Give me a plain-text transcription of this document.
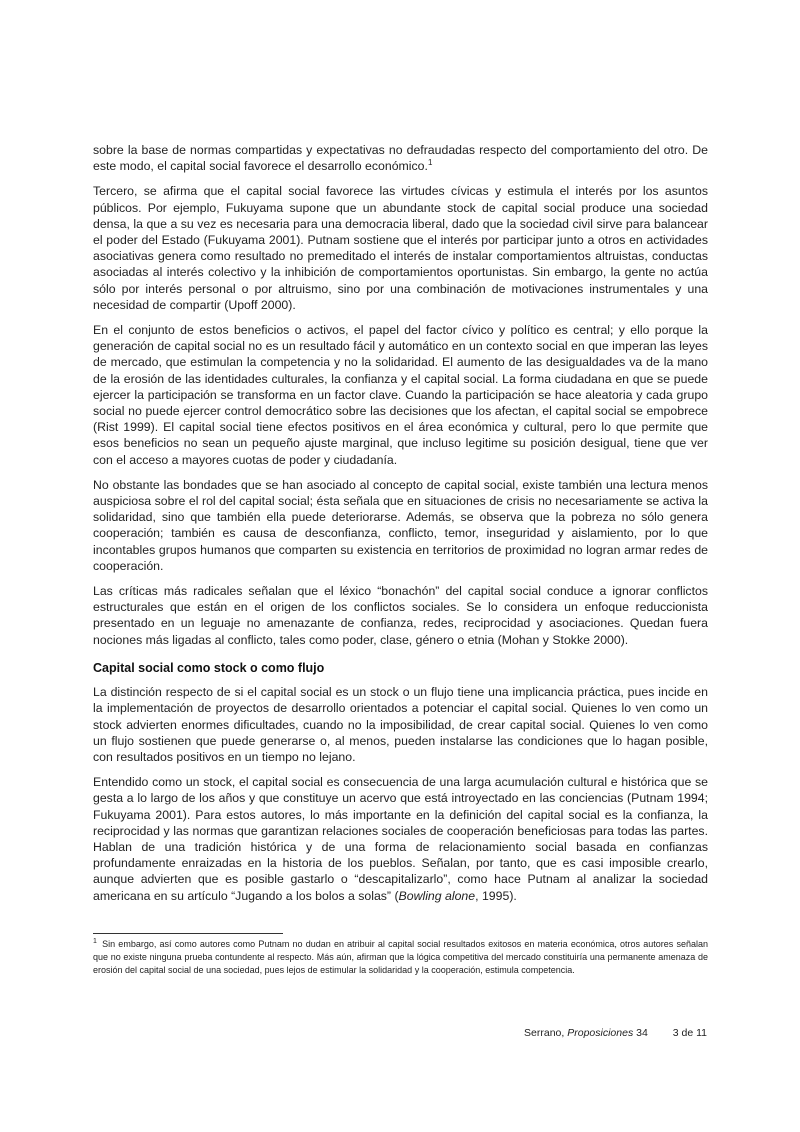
sobre la base de normas compartidas y expectativas no defraudadas respecto del comportamiento del otro. De este modo, el capital social favorece el desarrollo económico.$^1$

Tercero, se afirma que el capital social favorece las virtudes cívicas y estimula el interés por los asuntos públicos. Por ejemplo, Fukuyama supone que un abundante stock de capital social produce una sociedad densa, la que a su vez es necesaria para una democracia liberal, dado que la sociedad civil sirve para balancear el poder del Estado (Fukuyama 2001). Putnam sostiene que el interés por participar junto a otros en actividades asociativas genera como resultado no premeditado el interés de instalar comportamientos altruistas, conductas asociadas al interés colectivo y la inhibición de comportamientos oportunistas. Sin embargo, la gente no actúa sólo por interés personal o por altruismo, sino por una combinación de motivaciones instrumentales y una necesidad de compartir (Upoff 2000).

En el conjunto de estos beneficios o activos, el papel del factor cívico y político es central; y ello porque la generación de capital social no es un resultado fácil y automático en un contexto social en que imperan las leyes de mercado, que estimulan la competencia y no la solidaridad. El aumento de las desigualdades va de la mano de la erosión de las identidades culturales, la confianza y el capital social. La forma ciudadana en que se puede ejercer la participación se transforma en un factor clave. Cuando la participación se hace aleatoria y cada grupo social no puede ejercer control democrático sobre las decisiones que los afectan, el capital social se empobrece (Rist 1999). El capital social tiene efectos positivos en el área económica y cultural, pero lo que permite que esos beneficios no sean un pequeño ajuste marginal, que incluso legitime su posición desigual, tiene que ver con el acceso a mayores cuotas de poder y ciudadanía.

No obstante las bondades que se han asociado al concepto de capital social, existe también una lectura menos auspiciosa sobre el rol del capital social; ésta señala que en situaciones de crisis no necesariamente se activa la solidaridad, sino que también ella puede deteriorarse. Además, se observa que la pobreza no sólo genera cooperación; también es causa de desconfianza, conflicto, temor, inseguridad y aislamiento, por lo que incontables grupos humanos que comparten su existencia en territorios de proximidad no logran armar redes de cooperación.

Las críticas más radicales señalan que el léxico “bonachón” del capital social conduce a ignorar conflictos estructurales que están en el origen de los conflictos sociales. Se lo considera un enfoque reduccionista presentado en un leguaje no amenazante de confianza, redes, reciprocidad y asociaciones. Quedan fuera nociones más ligadas al conflicto, tales como poder, clase, género o etnia (Mohan y Stokke 2000).

Capital social como stock o como flujo

La distinción respecto de si el capital social es un stock o un flujo tiene una implicancia práctica, pues incide en la implementación de proyectos de desarrollo orientados a potenciar el capital social. Quienes lo ven como un stock advierten enormes dificultades, cuando no la imposibilidad, de crear capital social. Quienes lo ven como un flujo sostienen que puede generarse o, al menos, pueden instalarse las condiciones que lo hagan posible, con resultados positivos en un tiempo no lejano.

Entendido como un stock, el capital social es consecuencia de una larga acumulación cultural e histórica que se gesta a lo largo de los años y que constituye un acervo que está introyectado en las conciencias (Putnam 1994; Fukuyama 2001). Para estos autores, lo más importante en la definición del capital social es la confianza, la reciprocidad y las normas que garantizan relaciones sociales de cooperación beneficiosas para todas las partes. Hablan de una tradición histórica y de una forma de relacionamiento social basada en confianzas profundamente enraizadas en la historia de los pueblos. Señalan, por tanto, que es casi imposible crearlo, aunque advierten que es posible gastarlo o “descapitalizarlo”, como hace Putnam al analizar la sociedad americana en su artículo “Jugando a los bolos a solas” (Bowling alone, 1995).

$^1$ Sin embargo, así como autores como Putnam no dudan en atribuir al capital social resultados exitosos en materia económica, otros autores señalan que no existe ninguna prueba contundente al respecto. Más aún, afirman que la lógica competitiva del mercado constituiría una permanente amenaza de erosión del capital social de una sociedad, pues lejos de estimular la solidaridad y la cooperación, estimula competencia.
Serrano, Proposiciones 34 3 de 11
